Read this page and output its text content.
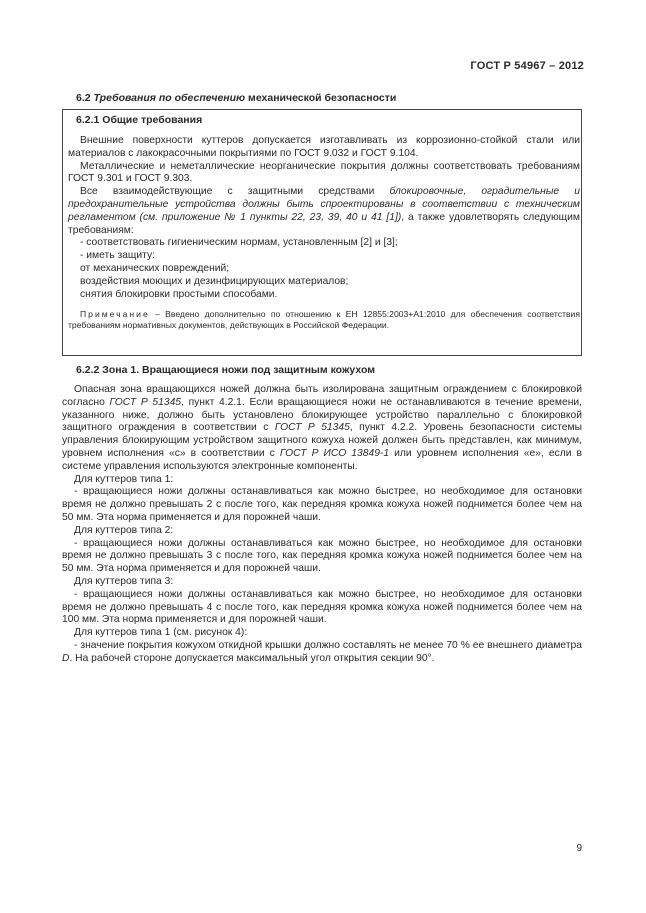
ГОСТ Р 54967 – 2012
6.2 Требования по обеспечению механической безопасности
6.2.1 Общие требования

Внешние поверхности куттеров допускается изготавливать из коррозионно-стойкой стали или материалов с лакокрасочными покрытиями по ГОСТ 9.032 и ГОСТ 9.104.

Металлические и неметаллические неорганические покрытия должны соответствовать требованиям ГОСТ 9.301 и ГОСТ 9.303.

Все взаимодействующие с защитными средствами блокировочные, оградительные и предохранительные устройства должны быть спроектированы в соответствии с техническим регламентом (см. приложение № 1 пункты 22, 23, 39, 40 и 41 [1]), а также удовлетворять следующим требованиям:

- соответствовать гигиеническим нормам, установленным [2] и [3];

- иметь защиту:

от механических повреждений;

воздействия моющих и дезинфицирующих материалов;

снятия блокировки простыми способами.

Примечание – Введено дополнительно по отношению к ЕН 12855:2003+А1:2010 для обеспечения соответствия требованиям нормативных документов, действующих в Российской Федерации.

6.2.2 Зона 1. Вращающиеся ножи под защитным кожухом

Опасная зона вращающихся ножей должна быть изолирована защитным ограждением с блокировкой согласно ГОСТ Р 51345, пункт 4.2.1. Если вращающиеся ножи не останавливаются в течение времени, указанного ниже, должно быть установлено блокирующее устройство параллельно с блокировкой защитного ограждения в соответствии с ГОСТ Р 51345, пункт 4.2.2. Уровень безопасности системы управления блокирующим устройством защитного кожуха ножей должен быть представлен, как минимум, уровнем исполнения «с» в соответствии с ГОСТ Р ИСО 13849-1 или уровнем исполнения «е», если в системе управления используются электронные компоненты.

Для куттеров типа 1:

- вращающиеся ножи должны останавливаться как можно быстрее, но необходимое для остановки время не должно превышать 2 с после того, как передняя кромка кожуха ножей поднимется более чем на 50 мм. Эта норма применяется и для порожней чаши.

Для куттеров типа 2:

- вращающиеся ножи должны останавливаться как можно быстрее, но необходимое для остановки время не должно превышать 3 с после того, как передняя кромка кожуха ножей поднимется более чем на 50 мм. Эта норма применяется и для порожней чаши.

Для куттеров типа 3:

- вращающиеся ножи должны останавливаться как можно быстрее, но необходимое для остановки время не должно превышать 4 с после того, как передняя кромка кожуха ножей поднимется более чем на 100 мм. Эта норма применяется и для порожней чаши.

Для куттеров типа 1 (см. рисунок 4):

- значение покрытия кожухом откидной крышки должно составлять не менее 70 % ее внешнего диаметра D. На рабочей стороне допускается максимальный угол открытия секции 90°.

9
